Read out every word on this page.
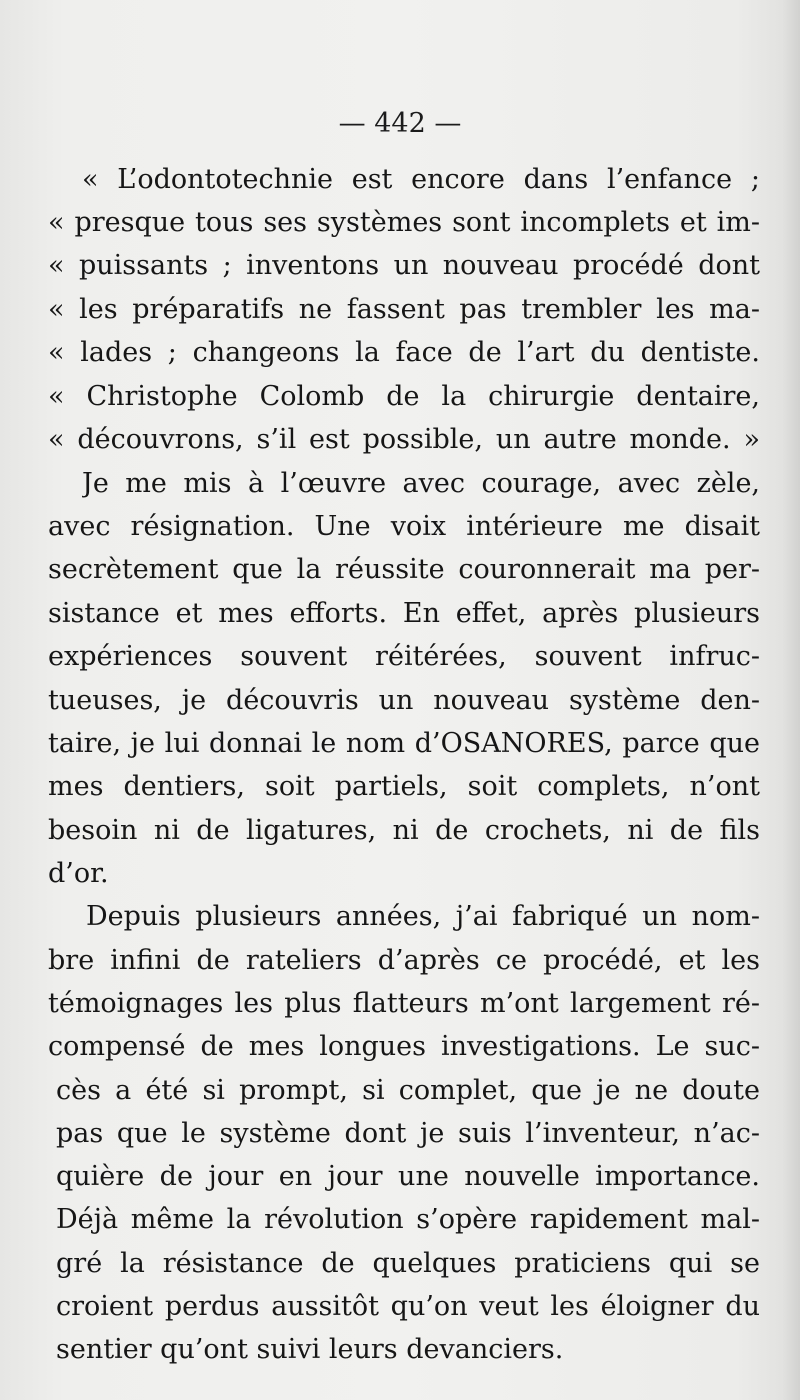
— 442 —
« L’odontotechnie est encore dans l’enfance ;
« presque tous ses systèmes sont incomplets et im-
« puissants ; inventons un nouveau procédé dont
« les préparatifs ne fassent pas trembler les ma-
« lades ; changeons la face de l’art du dentiste.
« Christophe Colomb de la chirurgie dentaire,
« découvrons, s’il est possible, un autre monde. »
Je me mis à l’œuvre avec courage, avec zèle,
avec résignation. Une voix intérieure me disait
secrètement que la réussite couronnerait ma per-
sistance et mes efforts. En effet, après plusieurs
expériences souvent réitérées, souvent infruc-
tueuses, je découvris un nouveau système den-
taire, je lui donnai le nom d’OSANORES, parce que
mes dentiers, soit partiels, soit complets, n’ont
besoin ni de ligatures, ni de crochets, ni de fils
d’or.
Depuis plusieurs années, j’ai fabriqué un nom-
bre infini de rateliers d’après ce procédé, et les
témoignages les plus flatteurs m’ont largement ré-
compensé de mes longues investigations. Le suc-
cès a été si prompt, si complet, que je ne doute
pas que le système dont je suis l’inventeur, n’ac-
quière de jour en jour une nouvelle importance.
Déjà même la révolution s’opère rapidement mal-
gré la résistance de quelques praticiens qui se
croient perdus aussitôt qu’on veut les éloigner du
sentier qu’ont suivi leurs devanciers.
